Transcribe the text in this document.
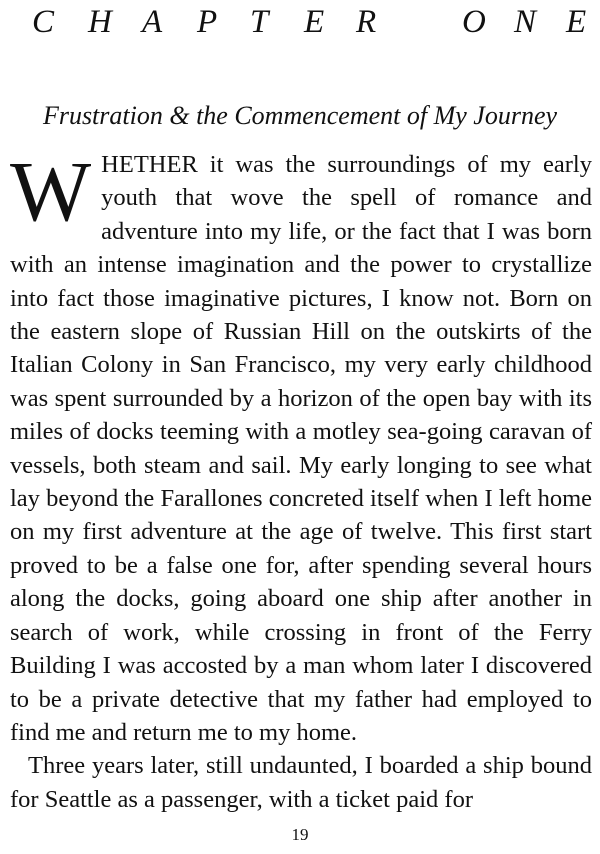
C H A P T E R	O N E
Frustration & the Commencement of My Journey

WHETHER it was the surroundings of my early youth that wove the spell of romance and adventure into my life, or the fact that I was born with an intense imagination and the power to crystallize into fact those imaginative pictures, I know not. Born on the eastern slope of Russian Hill on the outskirts of the Italian Colony in San Francisco, my very early childhood was spent surrounded by a horizon of the open bay with its miles of docks teeming with a motley sea-going caravan of vessels, both steam and sail. My early longing to see what lay beyond the Farallones concreted itself when I left home on my first adventure at the age of twelve. This first start proved to be a false one for, after spending several hours along the docks, going aboard one ship after another in search of work, while crossing in front of the Ferry Building I was accosted by a man whom later I discovered to be a private detective that my father had employed to find me and return me to my home.

Three years later, still undaunted, I boarded a ship bound for Seattle as a passenger, with a ticket paid for

19
